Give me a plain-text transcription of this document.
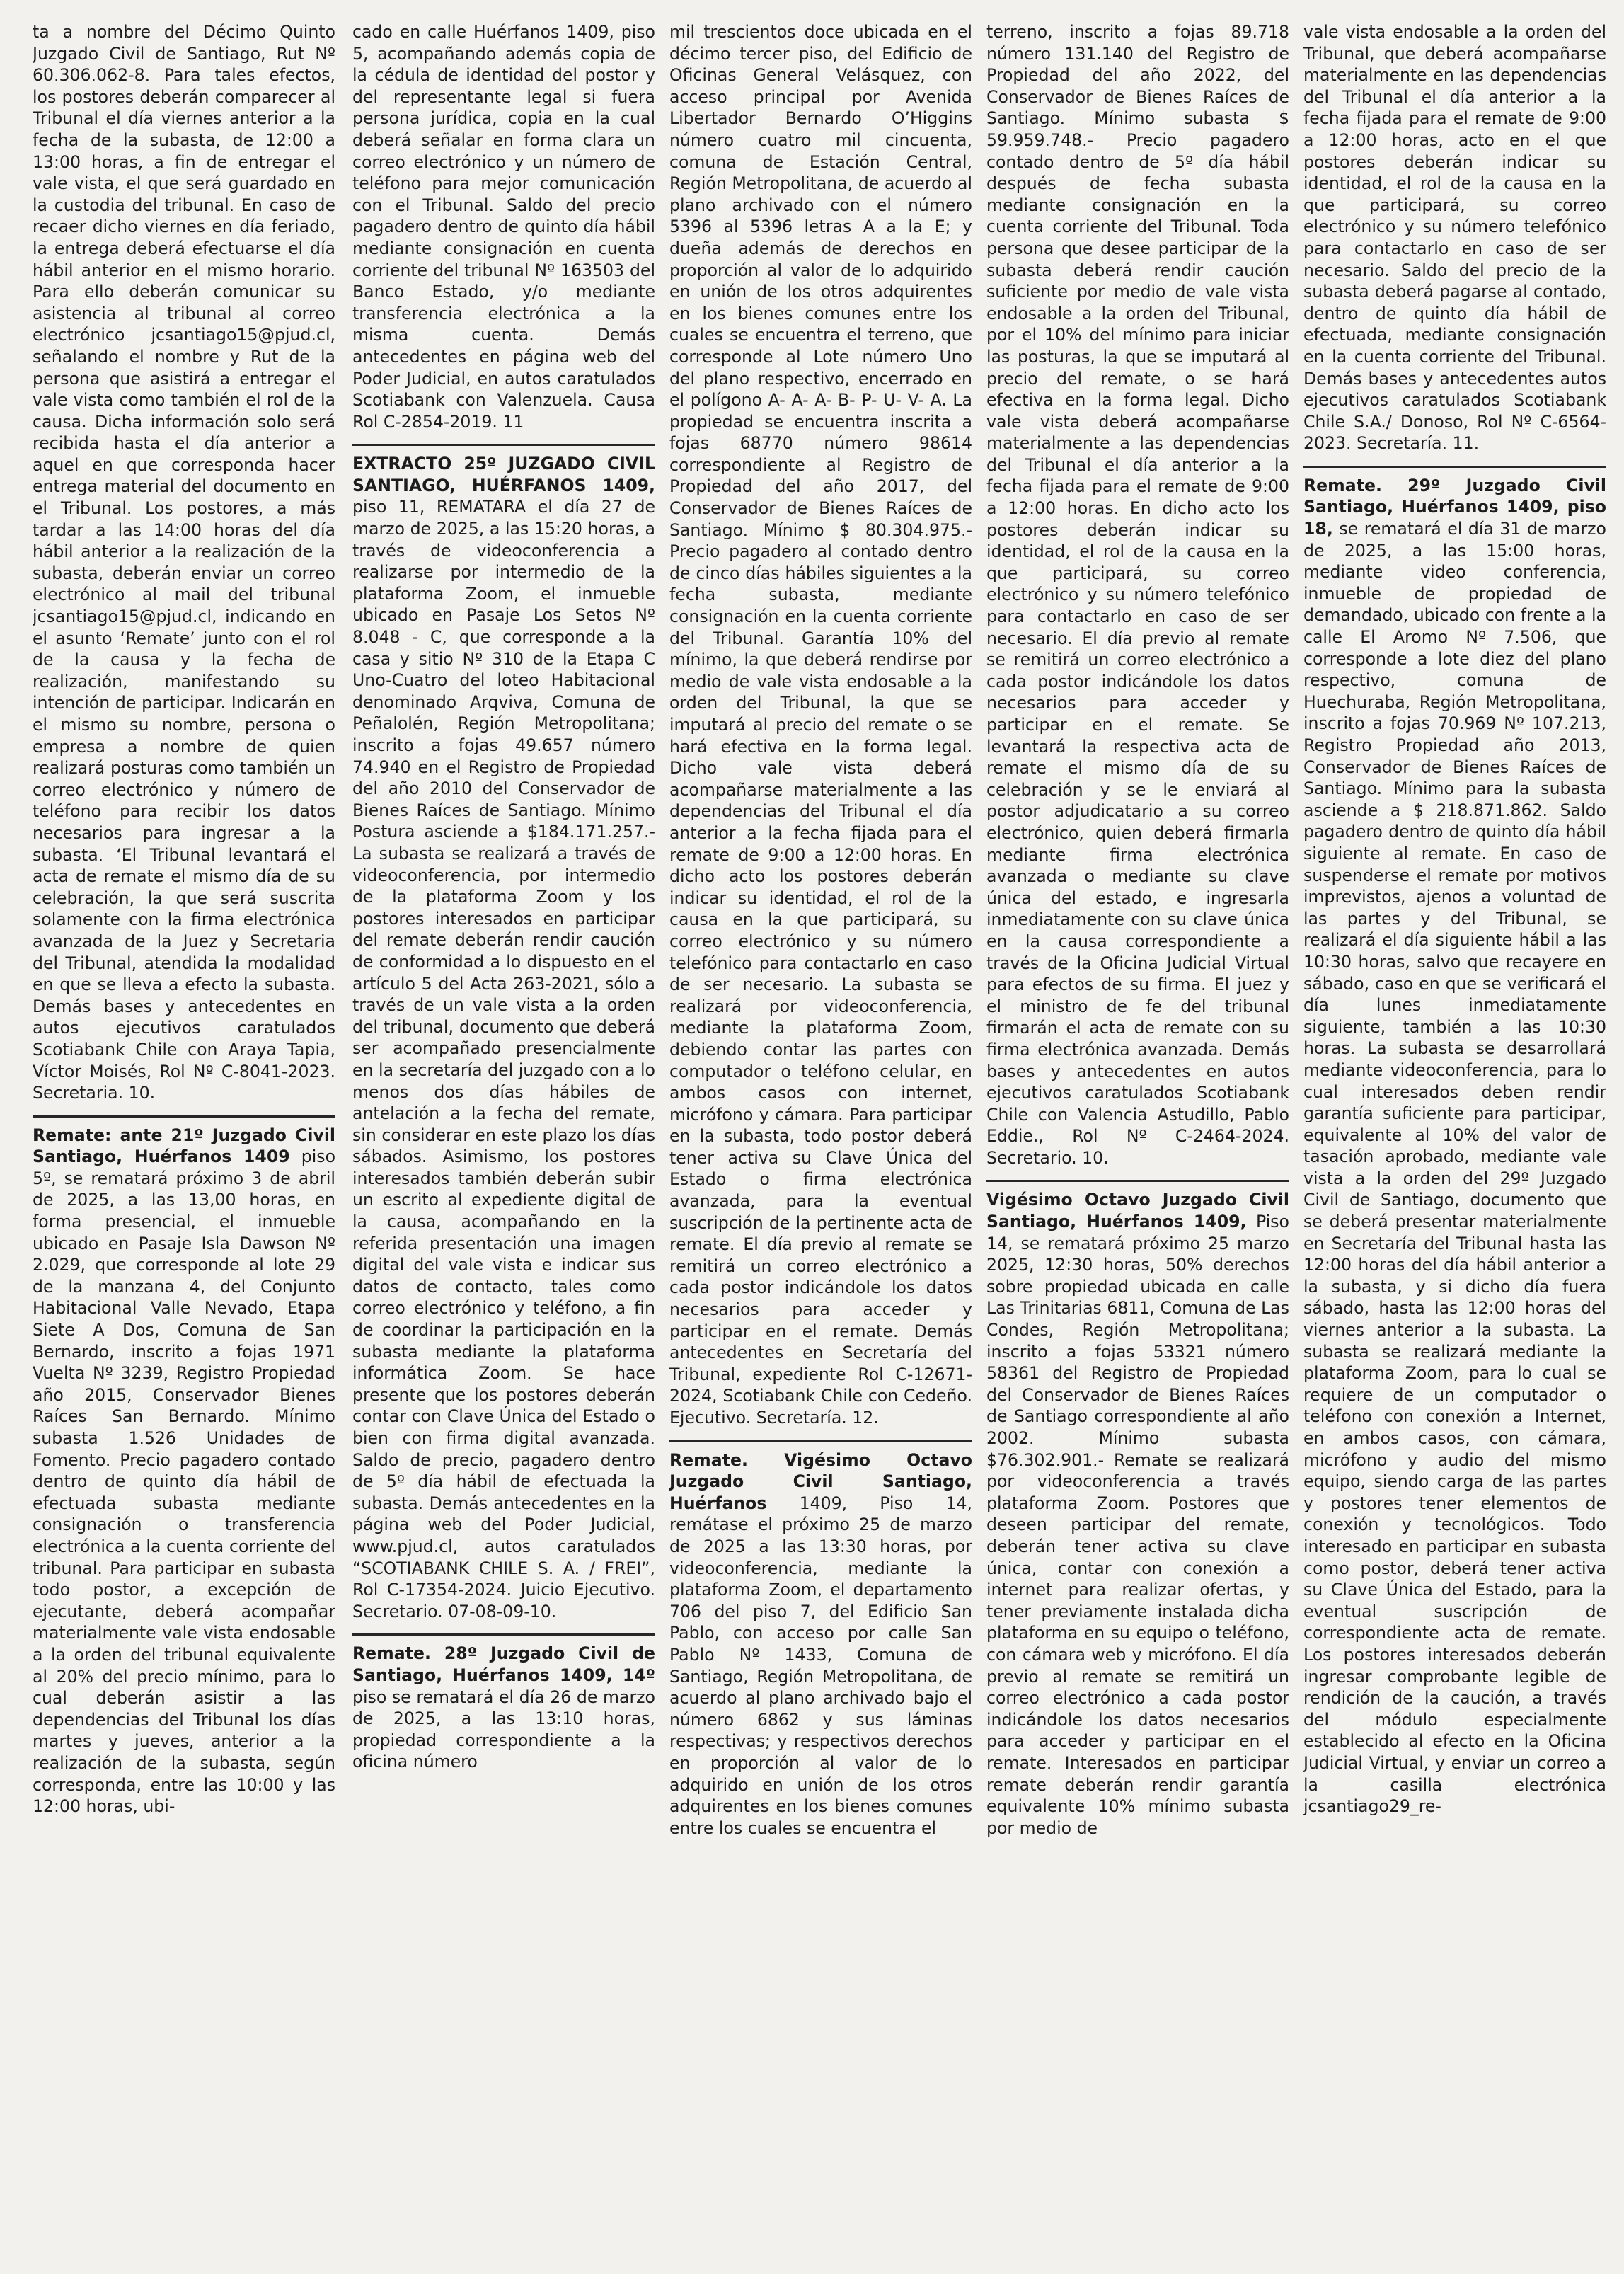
ta a nombre del Décimo Quinto Juzgado Civil de Santiago, Rut Nº 60.306.062-8. Para tales efectos, los postores deberán comparecer al Tribunal el día viernes anterior a la fecha de la subasta, de 12:00 a 13:00 horas, a fin de entregar el vale vista, el que será guardado en la custodia del tribunal. En caso de recaer dicho viernes en día feriado, la entrega deberá efectuarse el día hábil anterior en el mismo horario. Para ello deberán comunicar su asistencia al tribunal al correo electrónico jcsantiago15@pjud.cl, señalando el nombre y Rut de la persona que asistirá a entregar el vale vista como también el rol de la causa. Dicha información solo será recibida hasta el día anterior a aquel en que corresponda hacer entrega material del documento en el Tribunal. Los postores, a más tardar a las 14:00 horas del día hábil anterior a la realización de la subasta, deberán enviar un correo electrónico al mail del tribunal jcsantiago15@pjud.cl, indicando en el asunto ‘Remate’ junto con el rol de la causa y la fecha de realización, manifestando su intención de participar. Indicarán en el mismo su nombre, persona o empresa a nombre de quien realizará posturas como también un correo electrónico y número de teléfono para recibir los datos necesarios para ingresar a la subasta. ‘El Tribunal levantará el acta de remate el mismo día de su celebración, la que será suscrita solamente con la firma electrónica avanzada de la Juez y Secretaria del Tribunal, atendida la modalidad en que se lleva a efecto la subasta. Demás bases y antecedentes en autos ejecutivos caratulados Scotiabank Chile con Araya Tapia, Víctor Moisés, Rol Nº C-8041-2023. Secretaria. 10.

Remate: ante 21º Juzgado Civil Santiago, Huérfanos 1409 piso 5º, se rematará próximo 3 de abril de 2025, a las 13,00 horas, en forma presencial, el inmueble ubicado en Pasaje Isla Dawson Nº 2.029, que corresponde al lote 29 de la manzana 4, del Conjunto Habitacional Valle Nevado, Etapa Siete A Dos, Comuna de San Bernardo, inscrito a fojas 1971 Vuelta Nº 3239, Registro Propiedad año 2015, Conservador Bienes Raíces San Bernardo. Mínimo subasta 1.526 Unidades de Fomento. Precio pagadero contado dentro de quinto día hábil de efectuada subasta mediante consignación o transferencia electrónica a la cuenta corriente del tribunal. Para participar en subasta todo postor, a excepción de ejecutante, deberá acompañar materialmente vale vista endosable a la orden del tribunal equivalente al 20% del precio mínimo, para lo cual deberán asistir a las dependencias del Tribunal los días martes y jueves, anterior a la realización de la subasta, según corresponda, entre las 10:00 y las 12:00 horas, ubi-

cado en calle Huérfanos 1409, piso 5, acompañando además copia de la cédula de identidad del postor y del representante legal si fuera persona jurídica, copia en la cual deberá señalar en forma clara un correo electrónico y un número de teléfono para mejor comunicación con el Tribunal. Saldo del precio pagadero dentro de quinto día hábil mediante consignación en cuenta corriente del tribunal Nº 163503 del Banco Estado, y/o mediante transferencia electrónica a la misma cuenta. Demás antecedentes en página web del Poder Judicial, en autos caratulados Scotiabank con Valenzuela. Causa Rol C-2854-2019. 11

EXTRACTO 25º JUZGADO CIVIL SANTIAGO, HUÉRFANOS 1409, piso 11, REMATARA el día 27 de marzo de 2025, a las 15:20 horas, a través de videoconferencia a realizarse por intermedio de la plataforma Zoom, el inmueble ubicado en Pasaje Los Setos Nº 8.048 - C, que corresponde a la casa y sitio Nº 310 de la Etapa C Uno-Cuatro del loteo Habitacional denominado Arqviva, Comuna de Peñalolén, Región Metropolitana; inscrito a fojas 49.657 número 74.940 en el Registro de Propiedad del año 2010 del Conservador de Bienes Raíces de Santiago. Mínimo Postura asciende a $184.171.257.- La subasta se realizará a través de videoconferencia, por intermedio de la plataforma Zoom y los postores interesados en participar del remate deberán rendir caución de conformidad a lo dispuesto en el artículo 5 del Acta 263-2021, sólo a través de un vale vista a la orden del tribunal, documento que deberá ser acompañado presencialmente en la secretaría del juzgado con a lo menos dos días hábiles de antelación a la fecha del remate, sin considerar en este plazo los días sábados. Asimismo, los postores interesados también deberán subir un escrito al expediente digital de la causa, acompañando en la referida presentación una imagen digital del vale vista e indicar sus datos de contacto, tales como correo electrónico y teléfono, a fin de coordinar la participación en la subasta mediante la plataforma informática Zoom. Se hace presente que los postores deberán contar con Clave Única del Estado o bien con firma digital avanzada. Saldo de precio, pagadero dentro de 5º día hábil de efectuada la subasta. Demás antecedentes en la página web del Poder Judicial, www.pjud.cl, autos caratulados “SCOTIABANK CHILE S. A. / FREI”, Rol C-17354-2024. Juicio Ejecutivo. Secretario. 07-08-09-10.

Remate. 28º Juzgado Civil de Santiago, Huérfanos 1409, 14º piso se rematará el día 26 de marzo de 2025, a las 13:10 horas, propiedad correspondiente a la oficina número

mil trescientos doce ubicada en el décimo tercer piso, del Edificio de Oficinas General Velásquez, con acceso principal por Avenida Libertador Bernardo O’Higgins número cuatro mil cincuenta, comuna de Estación Central, Región Metropolitana, de acuerdo al plano archivado con el número 5396 al 5396 letras A a la E; y dueña además de derechos en proporción al valor de lo adquirido en unión de los otros adquirentes en los bienes comunes entre los cuales se encuentra el terreno, que corresponde al Lote número Uno del plano respectivo, encerrado en el polígono A- A- A- B- P- U- V- A. La propiedad se encuentra inscrita a fojas 68770 número 98614 correspondiente al Registro de Propiedad del año 2017, del Conservador de Bienes Raíces de Santiago. Mínimo $ 80.304.975.- Precio pagadero al contado dentro de cinco días hábiles siguientes a la fecha subasta, mediante consignación en la cuenta corriente del Tribunal. Garantía 10% del mínimo, la que deberá rendirse por medio de vale vista endosable a la orden del Tribunal, la que se imputará al precio del remate o se hará efectiva en la forma legal. Dicho vale vista deberá acompañarse materialmente a las dependencias del Tribunal el día anterior a la fecha fijada para el remate de 9:00 a 12:00 horas. En dicho acto los postores deberán indicar su identidad, el rol de la causa en la que participará, su correo electrónico y su número telefónico para contactarlo en caso de ser necesario. La subasta se realizará por videoconferencia, mediante la plataforma Zoom, debiendo contar las partes con computador o teléfono celular, en ambos casos con internet, micrófono y cámara. Para participar en la subasta, todo postor deberá tener activa su Clave Única del Estado o firma electrónica avanzada, para la eventual suscripción de la pertinente acta de remate. El día previo al remate se remitirá un correo electrónico a cada postor indicándole los datos necesarios para acceder y participar en el remate. Demás antecedentes en Secretaría del Tribunal, expediente Rol C-12671-2024, Scotiabank Chile con Cedeño. Ejecutivo. Secretaría. 12.

Remate. Vigésimo Octavo Juzgado Civil Santiago, Huérfanos 1409, Piso 14, remátase el próximo 25 de marzo de 2025 a las 13:30 horas, por videoconferencia, mediante la plataforma Zoom, el departamento 706 del piso 7, del Edificio San Pablo, con acceso por calle San Pablo Nº 1433, Comuna de Santiago, Región Metropolitana, de acuerdo al plano archivado bajo el número 6862 y sus láminas respectivas; y respectivos derechos en proporción al valor de lo adquirido en unión de los otros adquirentes en los bienes comunes entre los cuales se encuentra el

terreno, inscrito a fojas 89.718 número 131.140 del Registro de Propiedad del año 2022, del Conservador de Bienes Raíces de Santiago. Mínimo subasta $ 59.959.748.- Precio pagadero contado dentro de 5º día hábil después de fecha subasta mediante consignación en la cuenta corriente del Tribunal. Toda persona que desee participar de la subasta deberá rendir caución suficiente por medio de vale vista endosable a la orden del Tribunal, por el 10% del mínimo para iniciar las posturas, la que se imputará al precio del remate, o se hará efectiva en la forma legal. Dicho vale vista deberá acompañarse materialmente a las dependencias del Tribunal el día anterior a la fecha fijada para el remate de 9:00 a 12:00 horas. En dicho acto los postores deberán indicar su identidad, el rol de la causa en la que participará, su correo electrónico y su número telefónico para contactarlo en caso de ser necesario. El día previo al remate se remitirá un correo electrónico a cada postor indicándole los datos necesarios para acceder y participar en el remate. Se levantará la respectiva acta de remate el mismo día de su celebración y se le enviará al postor adjudicatario a su correo electrónico, quien deberá firmarla mediante firma electrónica avanzada o mediante su clave única del estado, e ingresarla inmediatamente con su clave única en la causa correspondiente a través de la Oficina Judicial Virtual para efectos de su firma. El juez y el ministro de fe del tribunal firmarán el acta de remate con su firma electrónica avanzada. Demás bases y antecedentes en autos ejecutivos caratulados Scotiabank Chile con Valencia Astudillo, Pablo Eddie., Rol Nº C-2464-2024. Secretario. 10.

Vigésimo Octavo Juzgado Civil Santiago, Huérfanos 1409, Piso 14, se rematará próximo 25 marzo 2025, 12:30 horas, 50% derechos sobre propiedad ubicada en calle Las Trinitarias 6811, Comuna de Las Condes, Región Metropolitana; inscrito a fojas 53321 número 58361 del Registro de Propiedad del Conservador de Bienes Raíces de Santiago correspondiente al año 2002. Mínimo subasta $76.302.901.- Remate se realizará por videoconferencia a través plataforma Zoom. Postores que deseen participar del remate, deberán tener activa su clave única, contar con conexión a internet para realizar ofertas, y tener previamente instalada dicha plataforma en su equipo o teléfono, con cámara web y micrófono. El día previo al remate se remitirá un correo electrónico a cada postor indicándole los datos necesarios para acceder y participar en el remate. Interesados en participar remate deberán rendir garantía equivalente 10% mínimo subasta por medio de

vale vista endosable a la orden del Tribunal, que deberá acompañarse materialmente en las dependencias del Tribunal el día anterior a la fecha fijada para el remate de 9:00 a 12:00 horas, acto en el que postores deberán indicar su identidad, el rol de la causa en la que participará, su correo electrónico y su número telefónico para contactarlo en caso de ser necesario. Saldo del precio de la subasta deberá pagarse al contado, dentro de quinto día hábil de efectuada, mediante consignación en la cuenta corriente del Tribunal. Demás bases y antecedentes autos ejecutivos caratulados Scotiabank Chile S.A./ Donoso, Rol Nº C-6564-2023. Secretaría. 11.

Remate. 29º Juzgado Civil Santiago, Huérfanos 1409, piso 18, se rematará el día 31 de marzo de 2025, a las 15:00 horas, mediante video conferencia, inmueble de propiedad de demandado, ubicado con frente a la calle El Aromo Nº 7.506, que corresponde a lote diez del plano respectivo, comuna de Huechuraba, Región Metropolitana, inscrito a fojas 70.969 Nº 107.213, Registro Propiedad año 2013, Conservador de Bienes Raíces de Santiago. Mínimo para la subasta asciende a $ 218.871.862. Saldo pagadero dentro de quinto día hábil siguiente al remate. En caso de suspenderse el remate por motivos imprevistos, ajenos a voluntad de las partes y del Tribunal, se realizará el día siguiente hábil a las 10:30 horas, salvo que recayere en sábado, caso en que se verificará el día lunes inmediatamente siguiente, también a las 10:30 horas. La subasta se desarrollará mediante videoconferencia, para lo cual interesados deben rendir garantía suficiente para participar, equivalente al 10% del valor de tasación aprobado, mediante vale vista a la orden del 29º Juzgado Civil de Santiago, documento que se deberá presentar materialmente en Secretaría del Tribunal hasta las 12:00 horas del día hábil anterior a la subasta, y si dicho día fuera sábado, hasta las 12:00 horas del viernes anterior a la subasta. La subasta se realizará mediante la plataforma Zoom, para lo cual se requiere de un computador o teléfono con conexión a Internet, en ambos casos, con cámara, micrófono y audio del mismo equipo, siendo carga de las partes y postores tener elementos de conexión y tecnológicos. Todo interesado en participar en subasta como postor, deberá tener activa su Clave Única del Estado, para la eventual suscripción de correspondiente acta de remate. Los postores interesados deberán ingresar comprobante legible de rendición de la caución, a través del módulo especialmente establecido al efecto en la Oficina Judicial Virtual, y enviar un correo a la casilla electrónica jcsantiago29_re-
